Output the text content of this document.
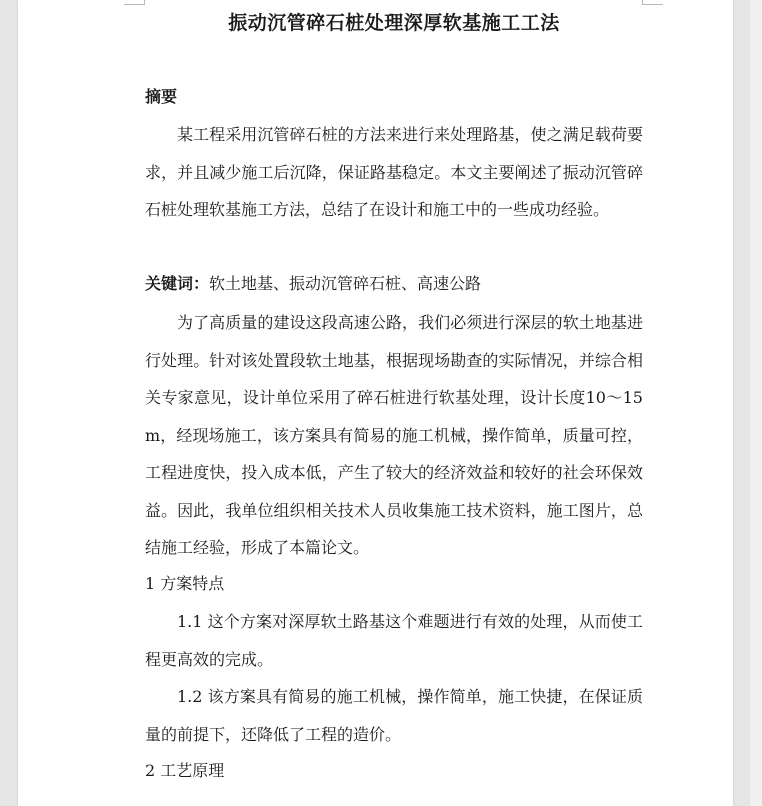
振动沉管碎石桩处理深厚软基施工工法
摘要
某工程采用沉管碎石桩的方法来进行来处理路基，使之满足载荷要求，并且减少施工后沉降，保证路基稳定。本文主要阐述了振动沉管碎石桩处理软基施工方法，总结了在设计和施工中的一些成功经验。
关键词：软土地基、振动沉管碎石桩、高速公路
为了高质量的建设这段高速公路，我们必须进行深层的软土地基进行处理。针对该处置段软土地基，根据现场勘查的实际情况，并综合相关专家意见，设计单位采用了碎石桩进行软基处理，设计长度10～15m，经现场施工，该方案具有简易的施工机械，操作简单，质量可控，工程进度快，投入成本低，产生了较大的经济效益和较好的社会环保效益。因此，我单位组织相关技术人员收集施工技术资料，施工图片，总结施工经验，形成了本篇论文。
1 方案特点
1.1 这个方案对深厚软土路基这个难题进行有效的处理，从而使工程更高效的完成。
1.2 该方案具有简易的施工机械，操作简单，施工快捷，在保证质量的前提下，还降低了工程的造价。
2 工艺原理
